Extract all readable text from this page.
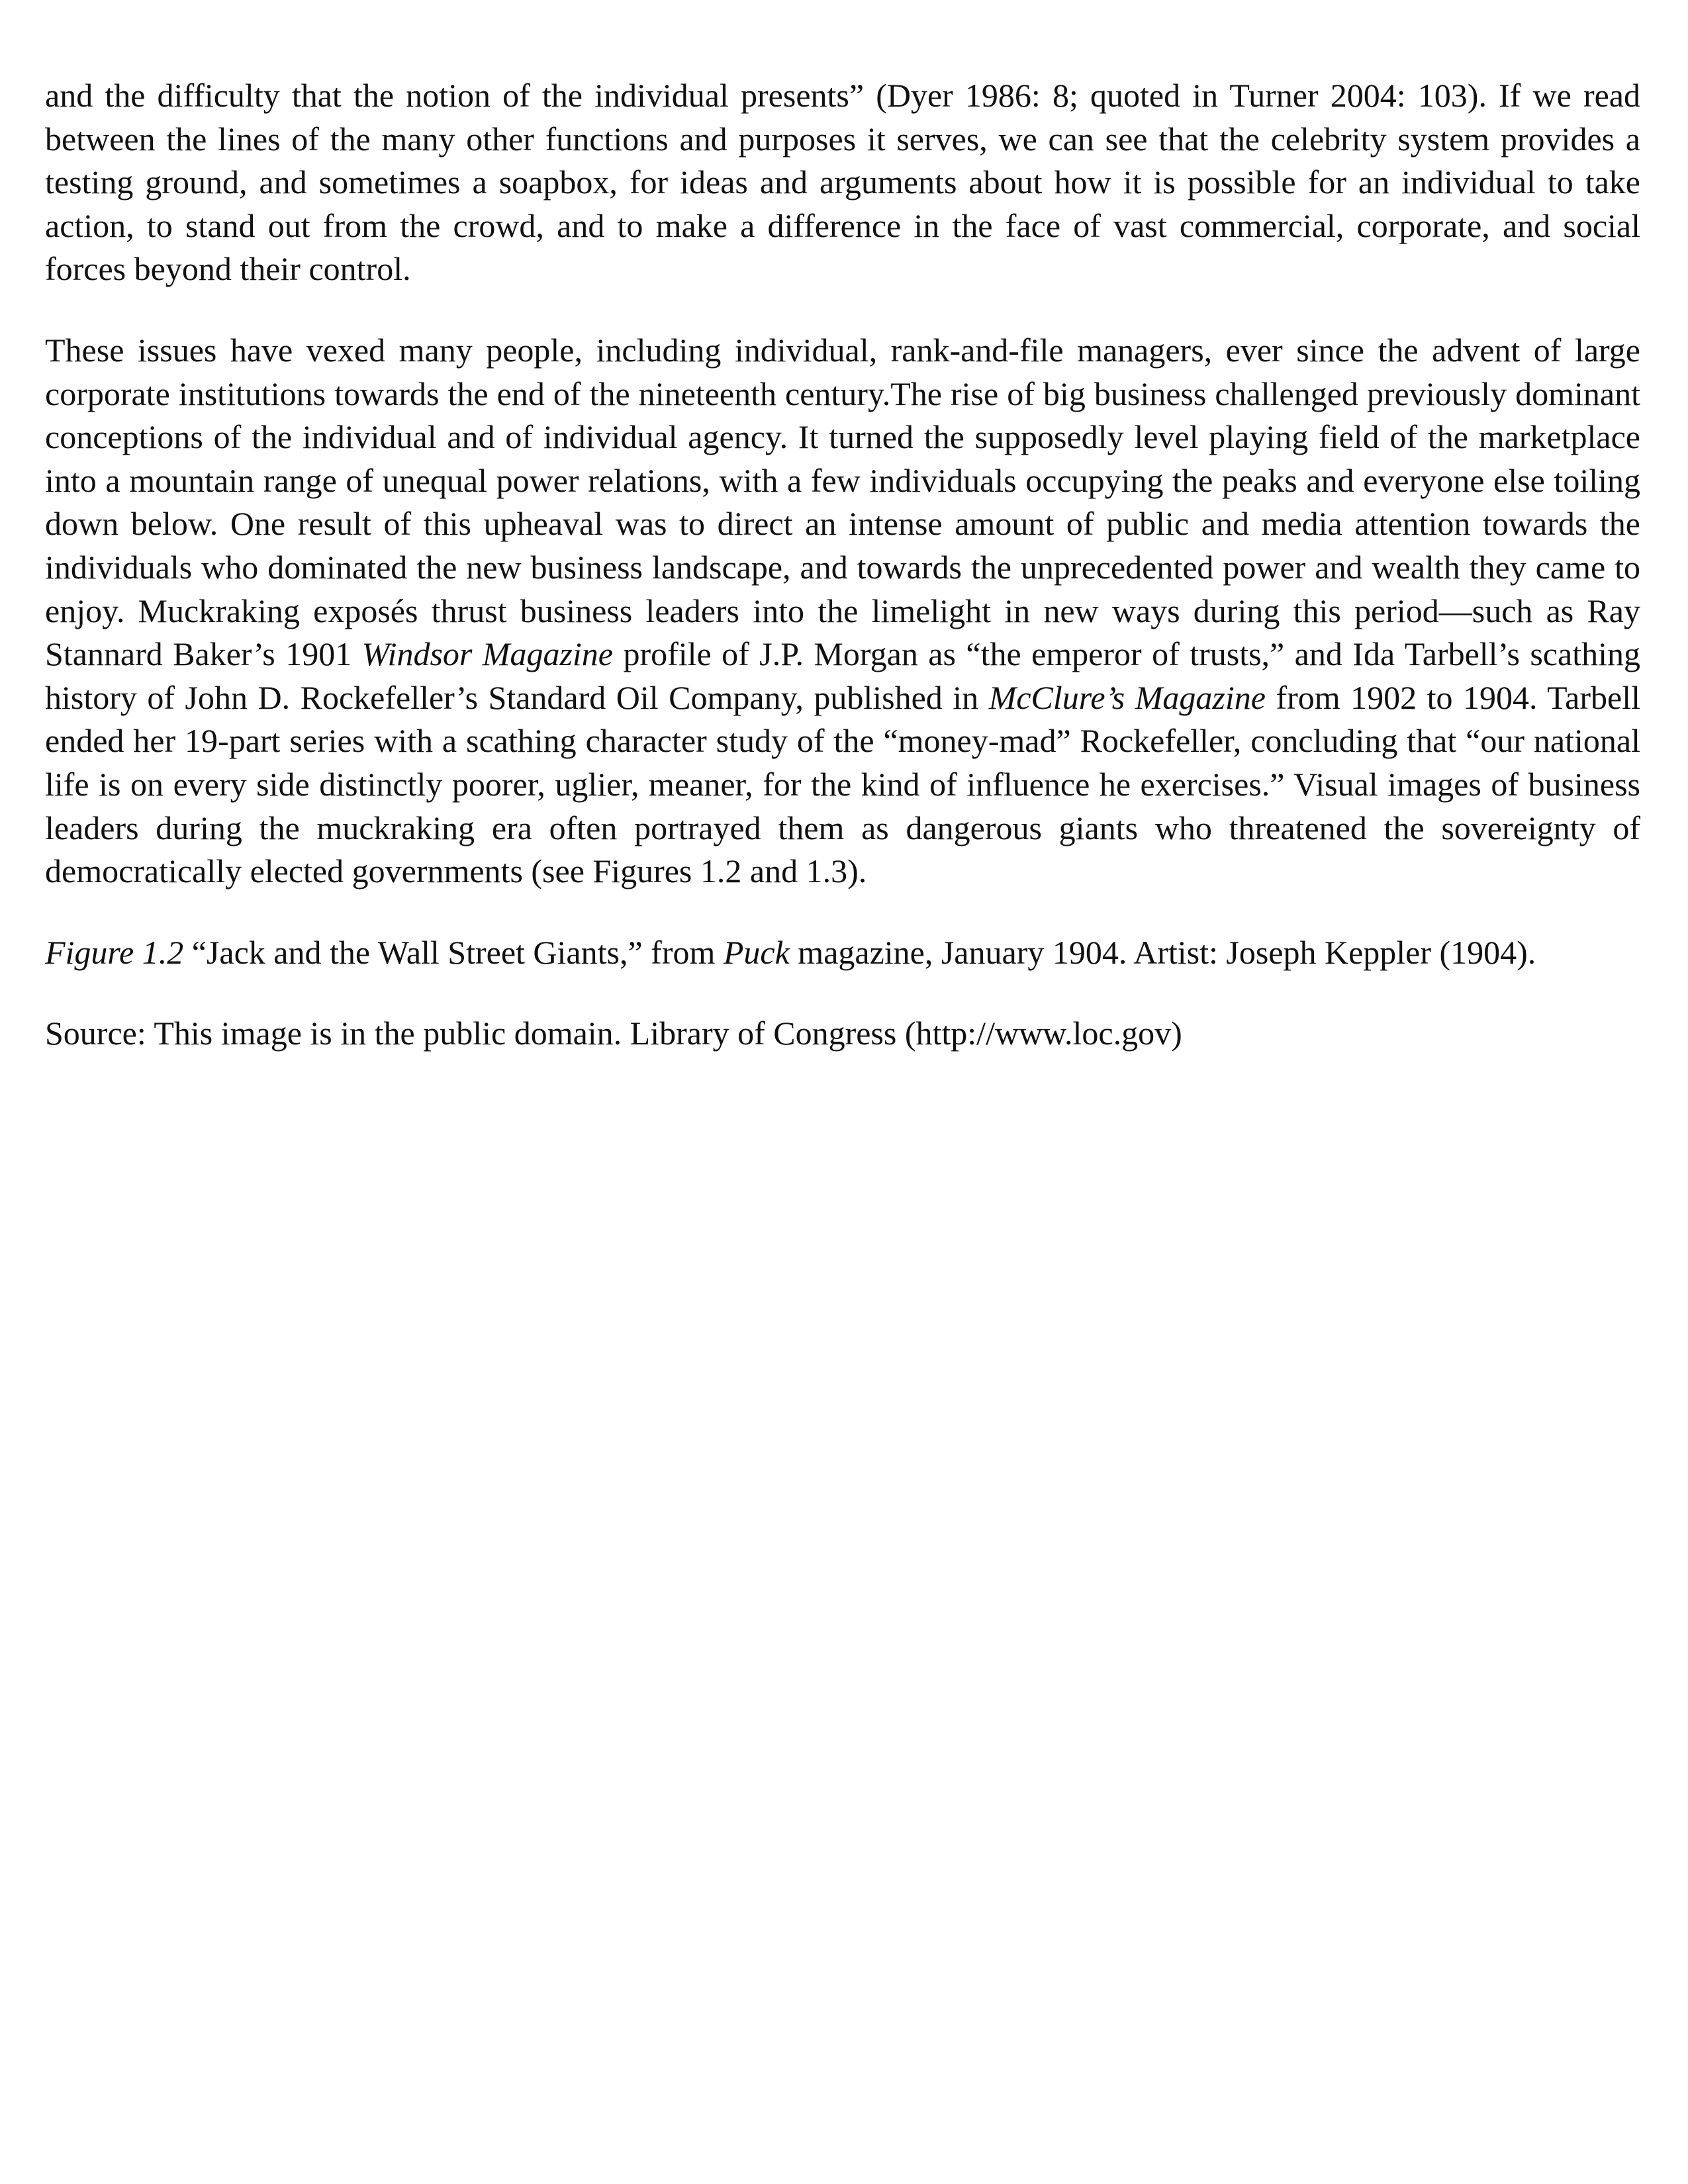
and the difficulty that the notion of the individual presents” (Dyer 1986: 8; quoted in Turner 2004: 103). If we read between the lines of the many other functions and purposes it serves, we can see that the celebrity system provides a testing ground, and sometimes a soapbox, for ideas and arguments about how it is possible for an individual to take action, to stand out from the crowd, and to make a difference in the face of vast commercial, corporate, and social forces beyond their control.

These issues have vexed many people, including individual, rank-and-file managers, ever since the advent of large corporate institutions towards the end of the nineteenth century.The rise of big business challenged previously dominant conceptions of the individual and of individual agency. It turned the supposedly level playing field of the marketplace into a mountain range of unequal power relations, with a few individuals occupying the peaks and everyone else toiling down below. One result of this upheaval was to direct an intense amount of public and media attention towards the individuals who dominated the new business landscape, and towards the unprecedented power and wealth they came to enjoy. Muckraking exposés thrust business leaders into the limelight in new ways during this period—such as Ray Stannard Baker’s 1901 Windsor Magazine profile of J.P. Morgan as “the emperor of trusts,” and Ida Tarbell’s scathing history of John D. Rockefeller’s Standard Oil Company, published in McClure’s Magazine from 1902 to 1904. Tarbell ended her 19-part series with a scathing character study of the “money-mad” Rockefeller, concluding that “our national life is on every side distinctly poorer, uglier, meaner, for the kind of influence he exercises.” Visual images of business leaders during the muckraking era often portrayed them as dangerous giants who threatened the sovereignty of democratically elected governments (see Figures 1.2 and 1.3).

Figure 1.2 “Jack and the Wall Street Giants,” from Puck magazine, January 1904. Artist: Joseph Keppler (1904).

Source: This image is in the public domain. Library of Congress (http://www.loc.gov)
